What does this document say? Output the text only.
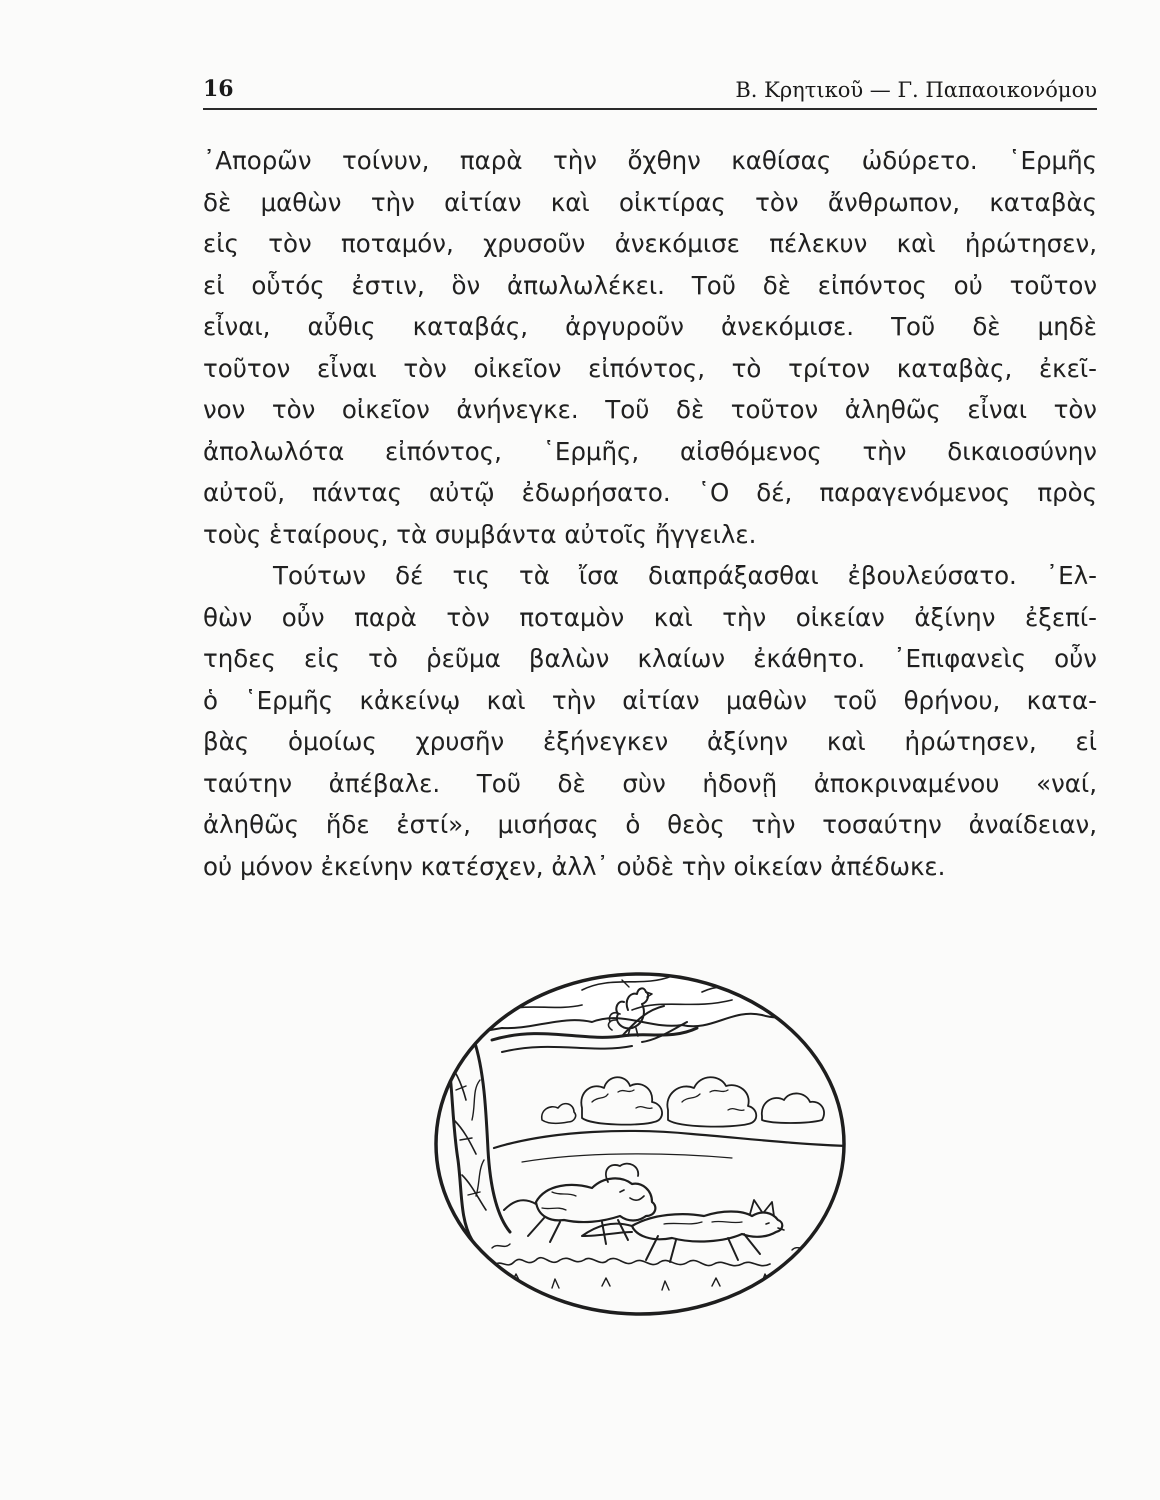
16	Β. Κρητικοῦ — Γ. Παπαοικονόμου
᾿Απορῶν τοίνυν, παρὰ τὴν ὄχθην καθίσας ὠδύρετο. ῾Ερμῆς
δὲ μαθὼν τὴν αἰτίαν καὶ οἰκτίρας τὸν ἄνθρωπον, καταβὰς
εἰς τὸν ποταμόν, χρυσοῦν ἀνεκόμισε πέλεκυν καὶ ἠρώτησεν,
εἰ οὗτός ἐστιν, ὃν ἀπωλωλέκει. Τοῦ δὲ εἰπόντος οὐ τοῦτον
εἶναι, αὖθις καταβάς, ἀργυροῦν ἀνεκόμισε. Τοῦ δὲ μηδὲ
τοῦτον εἶναι τὸν οἰκεῖον εἰπόντος, τὸ τρίτον καταβὰς, ἐκεῖ-
νον τὸν οἰκεῖον ἀνήνεγκε. Τοῦ δὲ τοῦτον ἀληθῶς εἶναι τὸν
ἀπολωλότα εἰπόντος, ῾Ερμῆς, αἰσθόμενος τὴν δικαιοσύνην
αὐτοῦ, πάντας αὐτῷ ἐδωρήσατο. ῾Ο δέ, παραγενόμενος πρὸς
τοὺς ἑταίρους, τὰ συμβάντα αὐτοῖς ἤγγειλε.
Τούτων δέ τις τὰ ἴσα διαπράξασθαι ἐβουλεύσατο. ᾿Ελ-
θὼν οὖν παρὰ τὸν ποταμὸν καὶ τὴν οἰκείαν ἀξίνην ἐξεπί-
τηδες εἰς τὸ ῥεῦμα βαλὼν κλαίων ἐκάθητο. ᾿Επιφανεὶς οὖν
ὁ ῾Ερμῆς κἀκείνῳ καὶ τὴν αἰτίαν μαθὼν τοῦ θρήνου, κατα-
βὰς ὁμοίως χρυσῆν ἐξήνεγκεν ἀξίνην καὶ ἠρώτησεν, εἰ
ταύτην ἀπέβαλε. Τοῦ δὲ σὺν ἡδονῇ ἀποκριναμένου «ναί,
ἀληθῶς ἥδε ἐστί», μισήσας ὁ θεὸς τὴν τοσαύτην ἀναίδειαν,
οὐ μόνον ἐκείνην κατέσχεν, ἀλλ᾿ οὐδὲ τὴν οἰκείαν ἀπέδωκε.
